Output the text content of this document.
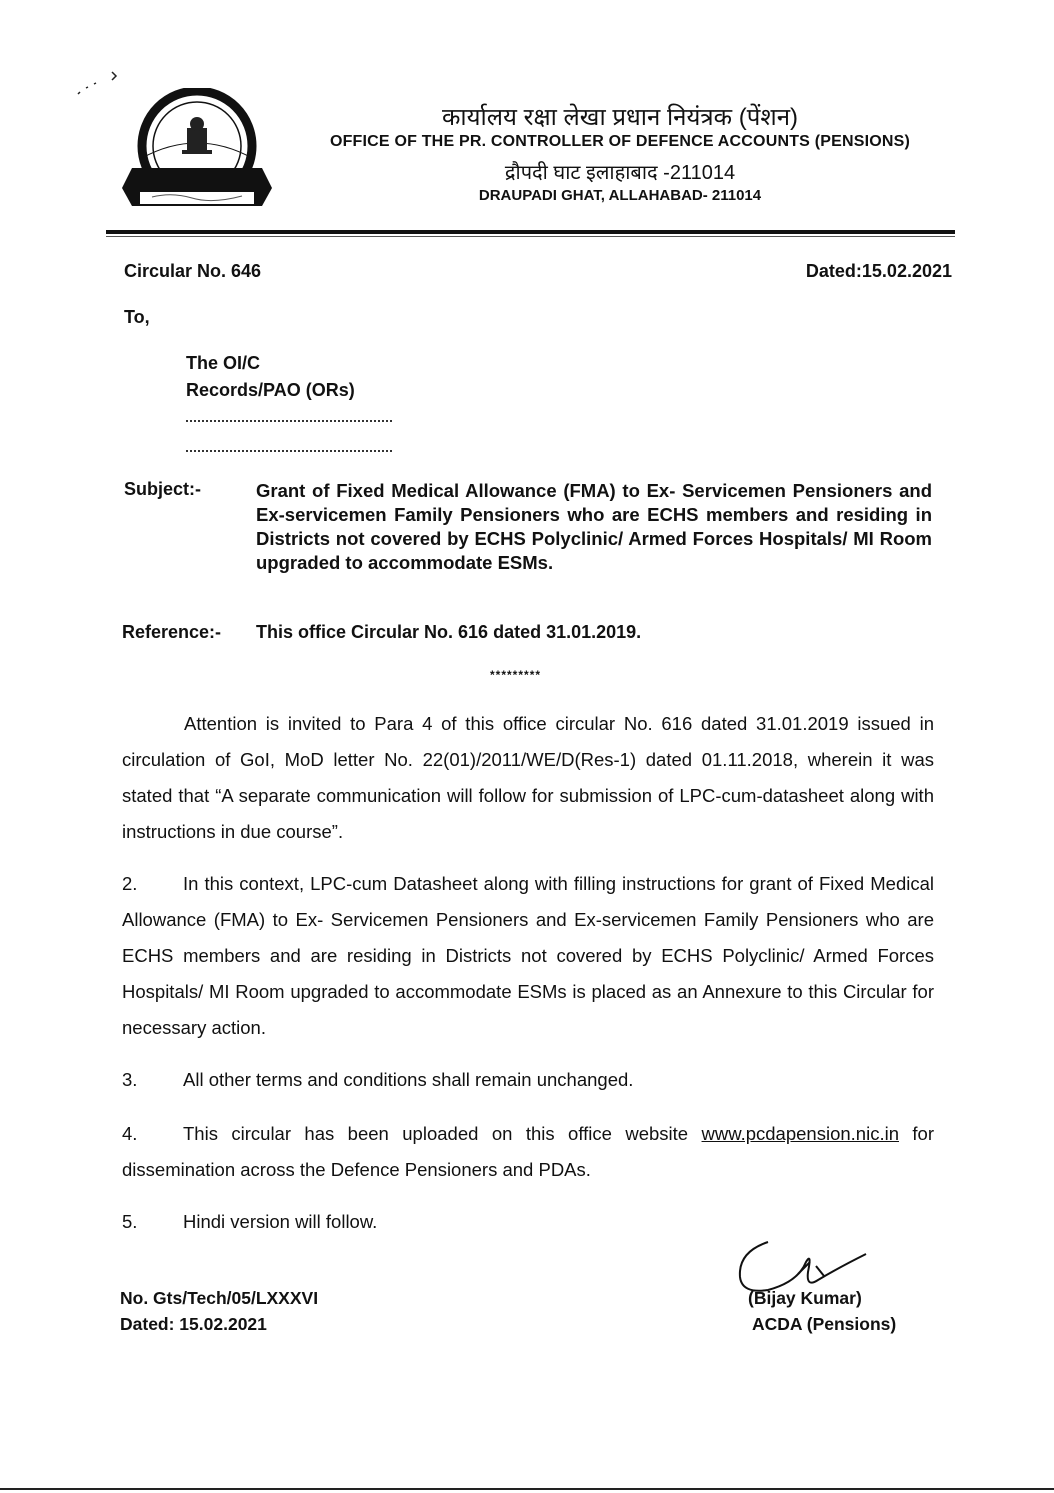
कार्यालय रक्षा लेखा प्रधान नियंत्रक (पेंशन)
OFFICE OF THE PR. CONTROLLER OF DEFENCE ACCOUNTS (PENSIONS)
द्रौपदी घाट इलाहाबाद -211014
DRAUPADI GHAT, ALLAHABAD- 211014
Circular No. 646	Dated:15.02.2021
To,
The OI/C
Records/PAO (ORs)
Subject:-	Grant of Fixed Medical Allowance (FMA) to Ex- Servicemen Pensioners and Ex-servicemen Family Pensioners who are ECHS members and residing in Districts not covered by ECHS Polyclinic/ Armed Forces Hospitals/ MI Room upgraded to accommodate ESMs.
Reference:- This office Circular No. 616 dated 31.01.2019.
*********
Attention is invited to Para 4 of this office circular No. 616 dated 31.01.2019 issued in circulation of GoI, MoD letter No. 22(01)/2011/WE/D(Res-1) dated 01.11.2018, wherein it was stated that “A separate communication will follow for submission of LPC-cum-datasheet along with instructions in due course”.
2. In this context, LPC-cum Datasheet along with filling instructions for grant of Fixed Medical Allowance (FMA) to Ex- Servicemen Pensioners and Ex-servicemen Family Pensioners who are ECHS members and are residing in Districts not covered by ECHS Polyclinic/ Armed Forces Hospitals/ MI Room upgraded to accommodate ESMs is placed as an Annexure to this Circular for necessary action.
3. All other terms and conditions shall remain unchanged.
4. This circular has been uploaded on this office website www.pcdapension.nic.in for dissemination across the Defence Pensioners and PDAs.
5. Hindi version will follow.
No. Gts/Tech/05/LXXXVI
Dated: 15.02.2021
(Bijay Kumar)
ACDA (Pensions)
